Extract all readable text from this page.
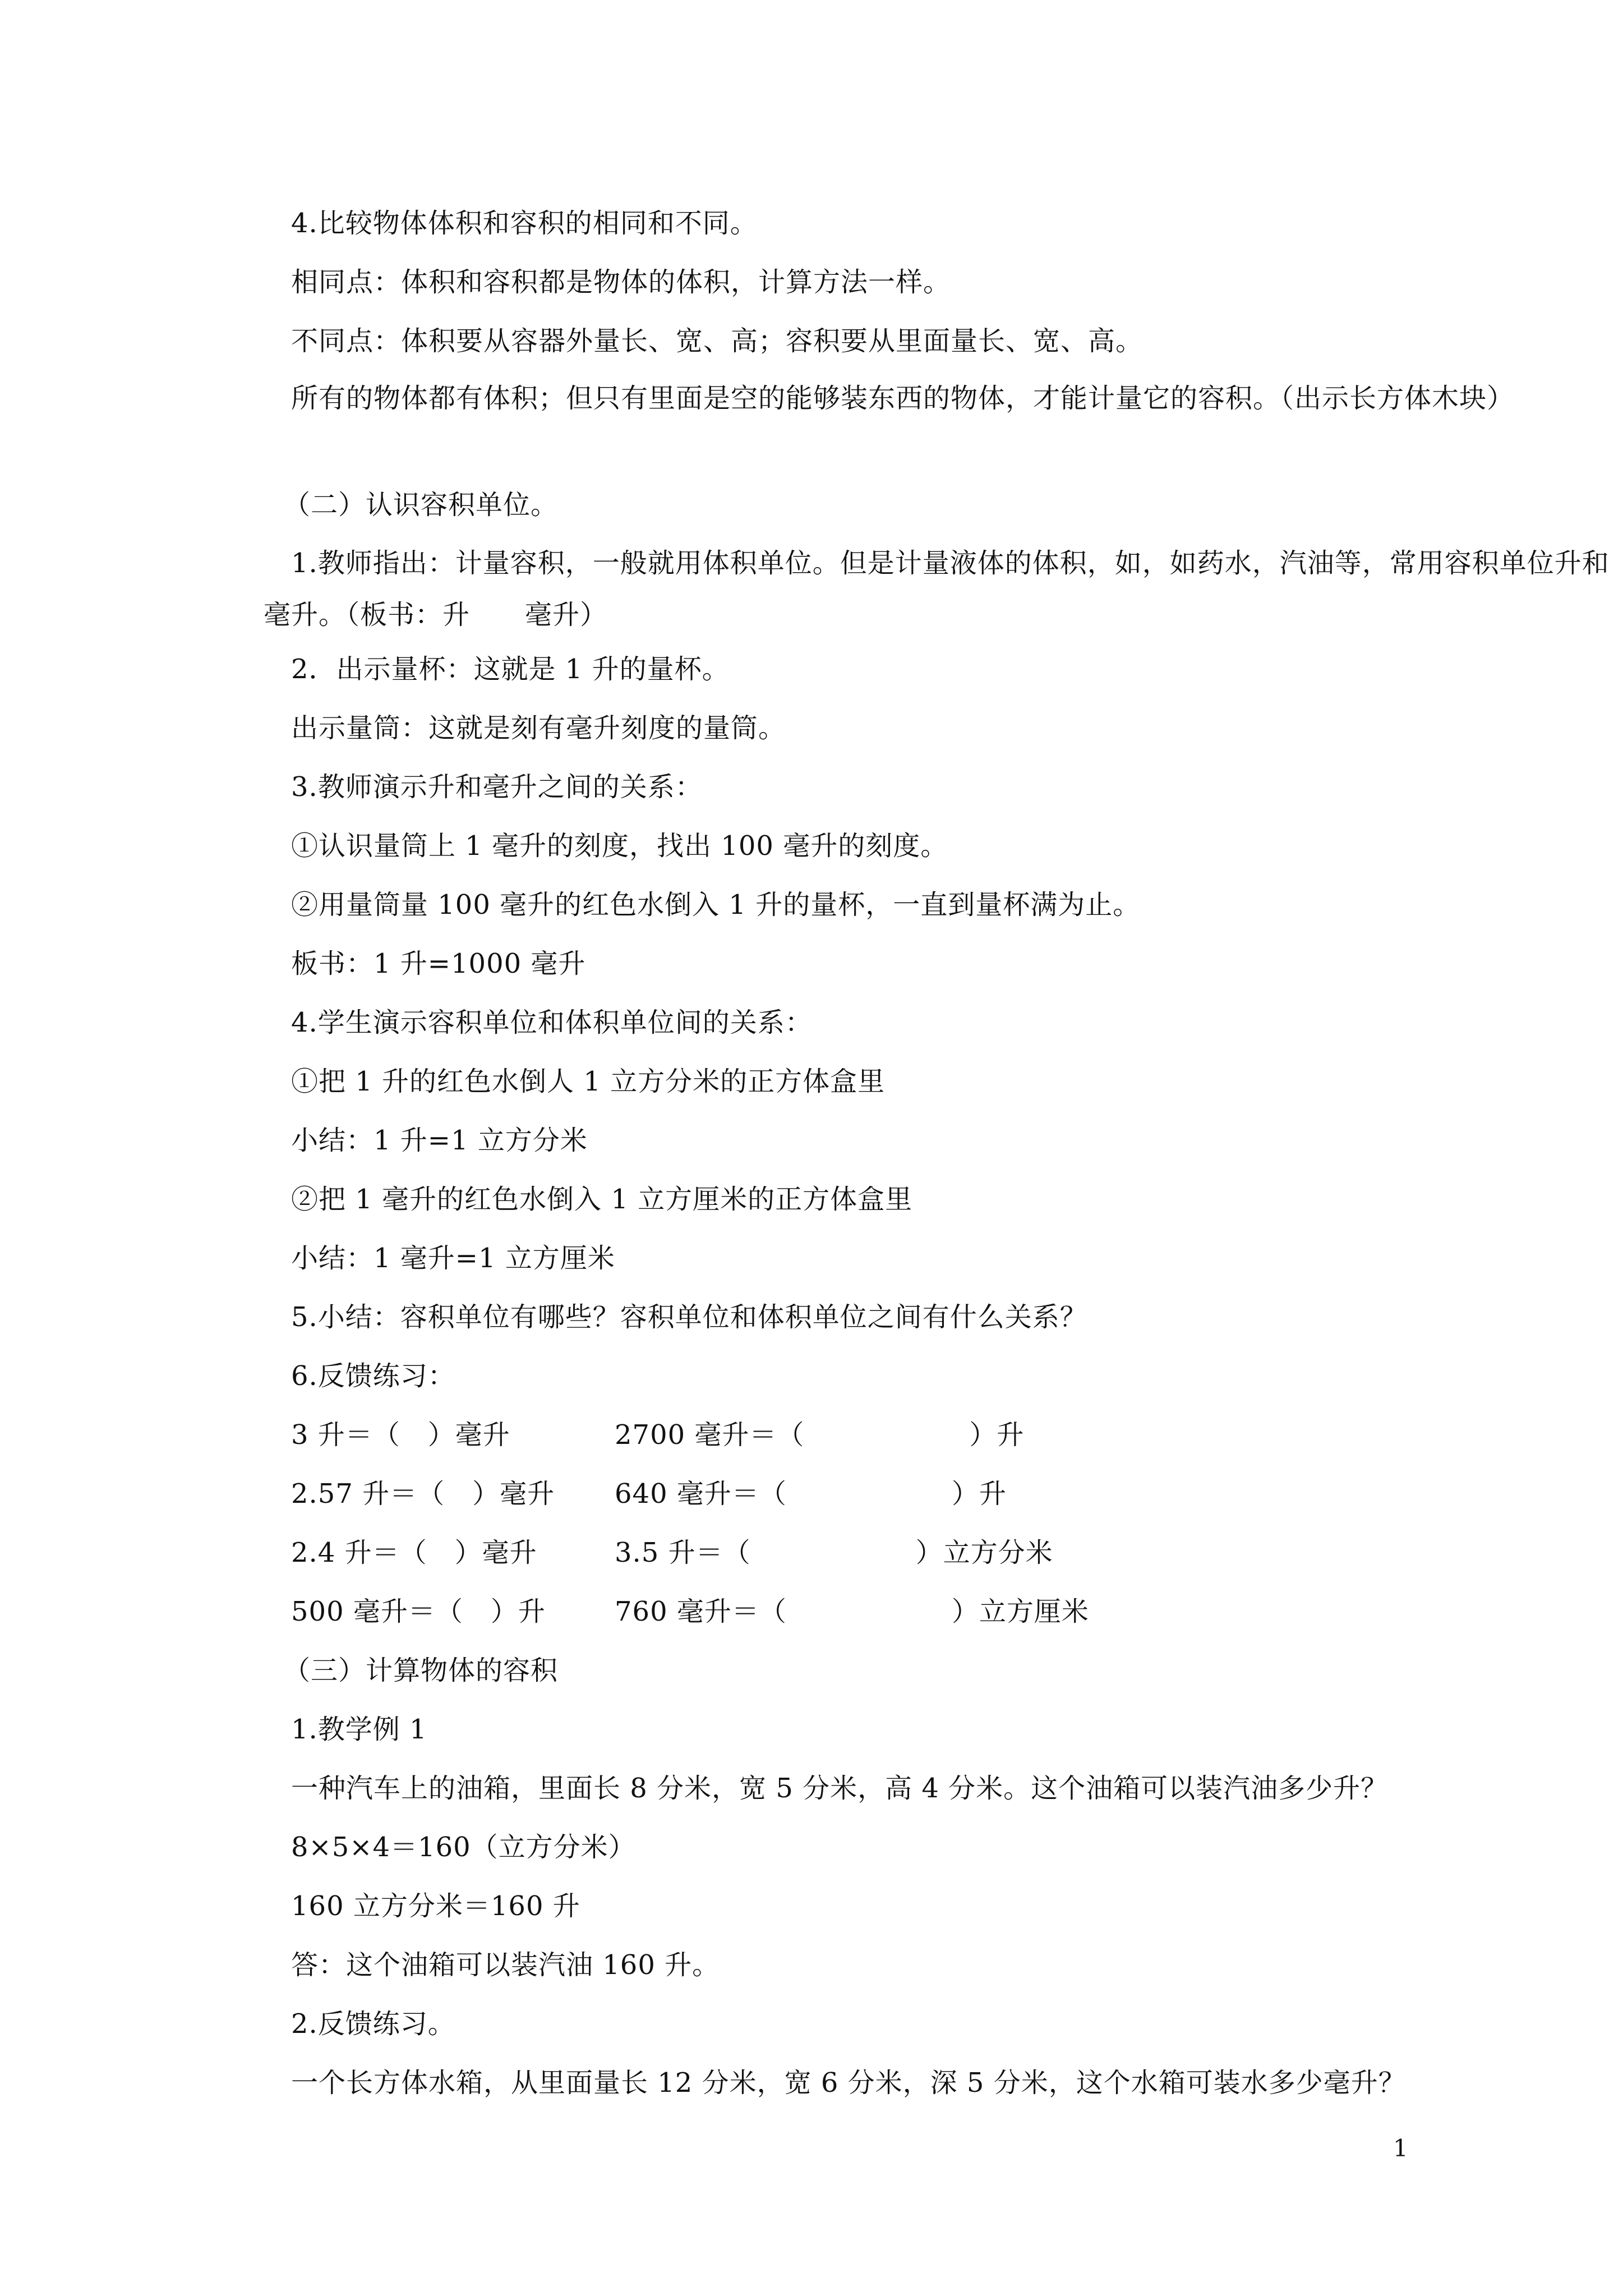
4.比较物体体积和容积的相同和不同。
相同点：体积和容积都是物体的体积，计算方法一样。
不同点：体积要从容器外量长、宽、高；容积要从里面量长、宽、高。
所有的物体都有体积；但只有里面是空的能够装东西的物体，才能计量它的容积。（出示长方体木块）
（二）认识容积单位。
1.教师指出：计量容积，一般就用体积单位。但是计量液体的体积，如，如药水，汽油等，常用容积单位升和毫升。（板书：升　　毫升）
2．出示量杯：这就是 1 升的量杯。
出示量筒：这就是刻有毫升刻度的量筒。
3.教师演示升和毫升之间的关系：
①认识量筒上 1 毫升的刻度，找出 100 毫升的刻度。
②用量筒量 100 毫升的红色水倒入 1 升的量杯，一直到量杯满为止。
板书：1 升=1000 毫升
4.学生演示容积单位和体积单位间的关系：
①把 1 升的红色水倒人 1 立方分米的正方体盒里
小结：1 升=1 立方分米
②把 1 毫升的红色水倒入 1 立方厘米的正方体盒里
小结：1 毫升=1 立方厘米
5.小结：容积单位有哪些？容积单位和体积单位之间有什么关系？
6.反馈练习：
3 升＝（　）毫升	2700 毫升＝（　　　　　　）升
2.57 升＝（　）毫升 640 毫升＝（　　　　　　）升
2.4 升＝（　）毫升	3.5 升＝（　　　　　　）立方分米
500 毫升＝（　）升	760 毫升＝（　　　　　　）立方厘米
（三）计算物体的容积
1.教学例 1
一种汽车上的油箱，里面长 8 分米，宽 5 分米，高 4 分米。这个油箱可以装汽油多少升？
8×5×4＝160（立方分米）
160 立方分米＝160 升
答：这个油箱可以装汽油 160 升。
2.反馈练习。
一个长方体水箱，从里面量长 12 分米，宽 6 分米，深 5 分米，这个水箱可装水多少毫升？
1
